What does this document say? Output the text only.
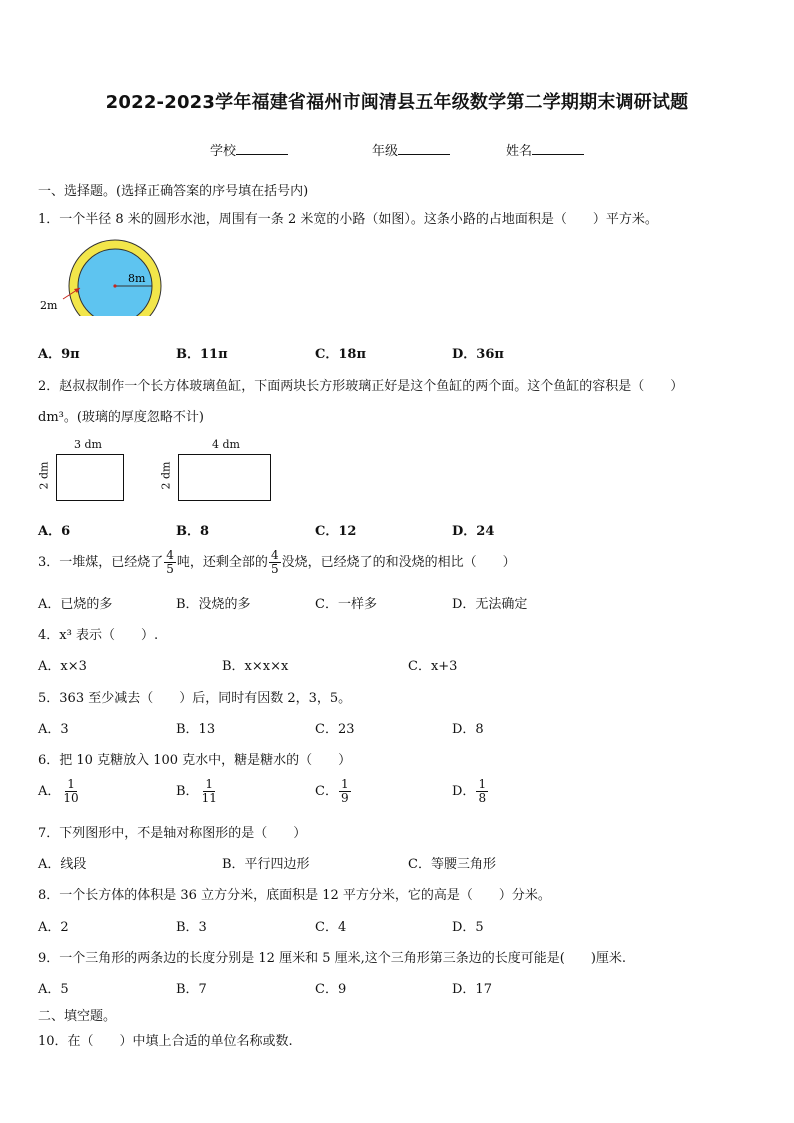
2022-2023学年福建省福州市闽清县五年级数学第二学期期末调研试题
学校	年级	姓名
一、选择题。(选择正确答案的序号填在括号内)
1．一个半径 8 米的圆形水池，周围有一条 2 米宽的小路（如图）。这条小路的占地面积是（　　）平方米。
8m
2m
A．9π	B．11π	C．18π	D．36π
2．赵叔叔制作一个长方体玻璃鱼缸，下面两块长方形玻璃正好是这个鱼缸的两个面。这个鱼缸的容积是（　　）
dm³。(玻璃的厚度忽略不计)
3 dm
2 dm
4 dm
2 dm
A．6	B．8	C．12	D．24
3．一堆煤，已经烧了 $\frac{4}{5}$ 吨，还剩全部的 $\frac{4}{5}$ 没烧，已经烧了的和没烧的相比（　　）
A．已烧的多	B．没烧的多	C．一样多	D．无法确定
4．x³ 表示（　　）.
A．x×3	B．x×x×x	C．x+3
5．363 至少减去（　　）后，同时有因数 2，3，5。
A．3	B．13	C．23	D．8
6．把 10 克糖放入 100 克水中，糖是糖水的（　　）
A． $\frac{1}{10}$	B． $\frac{1}{11}$	C． $\frac{1}{9}$	D． $\frac{1}{8}$
7．下列图形中，不是轴对称图形的是（　　）
A．线段	B．平行四边形	C．等腰三角形
8．一个长方体的体积是 36 立方分米，底面积是 12 平方分米，它的高是（　　）分米。
A．2	B．3	C．4	D．5
9．一个三角形的两条边的长度分别是 12 厘米和 5 厘米,这个三角形第三条边的长度可能是(　　)厘米.
A．5	B．7	C．9	D．17
二、填空题。
10．在（　　）中填上合适的单位名称或数.
